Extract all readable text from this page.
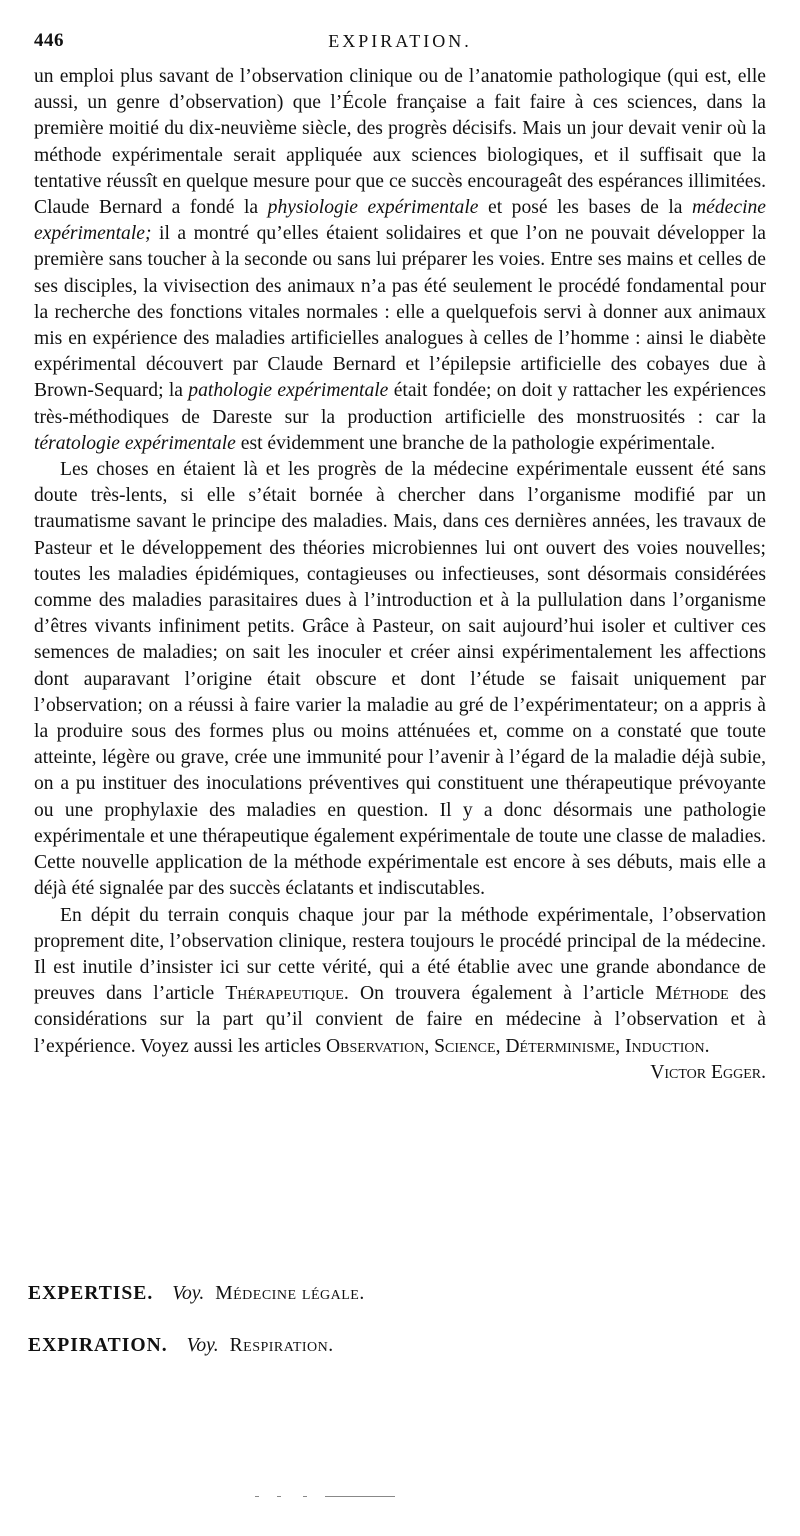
446	EXPIRATION.

un emploi plus savant de l’observation clinique ou de l’anatomie pathologique (qui est, elle aussi, un genre d’observation) que l’École française a fait faire à ces sciences, dans la première moitié du dix-neuvième siècle, des progrès décisifs. Mais un jour devait venir où la méthode expérimentale serait appliquée aux sciences biologiques, et il suffisait que la tentative réussît en quelque mesure pour que ce succès encourageât des espérances illimitées. Claude Bernard a fondé la physiologie expérimentale et posé les bases de la médecine expérimentale; il a montré qu’elles étaient solidaires et que l’on ne pouvait développer la première sans toucher à la seconde ou sans lui préparer les voies. Entre ses mains et celles de ses disciples, la vivisection des animaux n’a pas été seulement le procédé fondamental pour la recherche des fonctions vitales normales : elle a quelquefois servi à donner aux animaux mis en expérience des maladies artificielles analogues à celles de l’homme : ainsi le diabète expérimental découvert par Claude Bernard et l’épilepsie artificielle des cobayes due à Brown-Sequard; la pathologie expérimentale était fondée; on doit y rattacher les expériences très-méthodiques de Dareste sur la production artificielle des monstruosités : car la tératologie expérimentale est évidemment une branche de la pathologie expérimentale.

Les choses en étaient là et les progrès de la médecine expérimentale eussent été sans doute très-lents, si elle s’était bornée à chercher dans l’organisme modifié par un traumatisme savant le principe des maladies. Mais, dans ces dernières années, les travaux de Pasteur et le développement des théories microbiennes lui ont ouvert des voies nouvelles; toutes les maladies épidémiques, contagieuses ou infectieuses, sont désormais considérées comme des maladies parasitaires dues à l’introduction et à la pullulation dans l’organisme d’êtres vivants infiniment petits. Grâce à Pasteur, on sait aujourd’hui isoler et cultiver ces semences de maladies; on sait les inoculer et créer ainsi expérimentalement les affections dont auparavant l’origine était obscure et dont l’étude se faisait uniquement par l’observation; on a réussi à faire varier la maladie au gré de l’expérimentateur; on a appris à la produire sous des formes plus ou moins atténuées et, comme on a constaté que toute atteinte, légère ou grave, crée une immunité pour l’avenir à l’égard de la maladie déjà subie, on a pu instituer des inoculations préventives qui constituent une thérapeutique prévoyante ou une prophylaxie des maladies en question. Il y a donc désormais une pathologie expérimentale et une thérapeutique également expérimentale de toute une classe de maladies. Cette nouvelle application de la méthode expérimentale est encore à ses débuts, mais elle a déjà été signalée par des succès éclatants et indiscutables.

En dépit du terrain conquis chaque jour par la méthode expérimentale, l’observation proprement dite, l’observation clinique, restera toujours le procédé principal de la médecine. Il est inutile d’insister ici sur cette vérité, qui a été établie avec une grande abondance de preuves dans l’article Thérapeutique. On trouvera également à l’article Méthode des considérations sur la part qu’il convient de faire en médecine à l’observation et à l’expérience. Voyez aussi les articles Observation, Science, Déterminisme, Induction.
Victor Egger.

EXPERTISE. Voy. Médecine légale.
EXPIRATION. Voy. Respiration.
